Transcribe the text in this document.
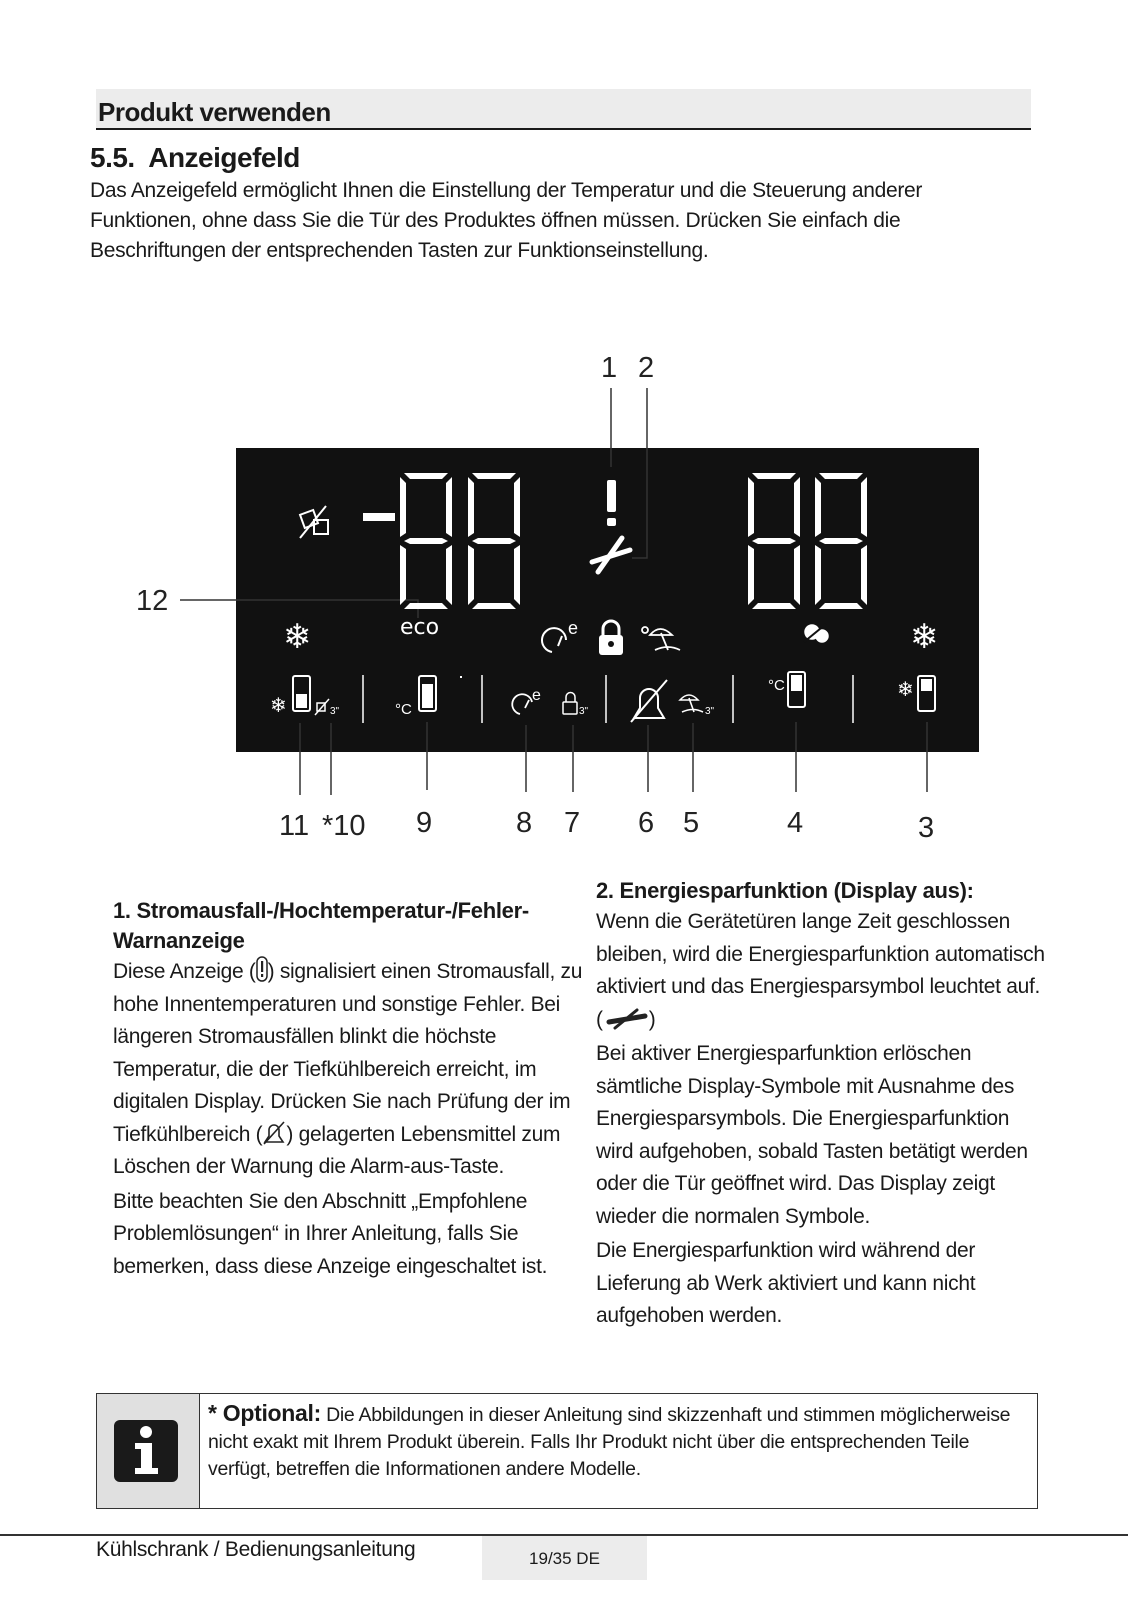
Produkt verwenden
5.5. Anzeigefeld

Das Anzeigefeld ermöglicht Ihnen die Einstellung der Temperatur und die Steuerung anderer Funktionen, ohne dass Sie die Tür des Produktes öffnen müssen. Drücken Sie einfach die Beschriftungen der entsprechenden Tasten zur Funktionseinstellung.

eco
❄	❄
e
❄	3"	°C
e
3"	3"
°C	❄
1 2
12
11 *10 9	8 7 6 5	4	3
1. Stromausfall-/Hochtemperatur-/Fehler-Warnanzeige

Diese Anzeige ( ) signalisiert einen Stromausfall, zu hohe Innentemperaturen und sonstige Fehler. Bei längeren Stromausfällen blinkt die höchste Temperatur, die der Tiefkühlbereich erreicht, im digitalen Display. Drücken Sie nach Prüfung der im Tiefkühlbereich ( ) gelagerten Lebensmittel zum Löschen der Warnung die Alarm-aus-Taste.

Bitte beachten Sie den Abschnitt „Empfohlene Problemlösungen“ in Ihrer Anleitung, falls Sie bemerken, dass diese Anzeige eingeschaltet ist.

2. Energiesparfunktion (Display aus):

Wenn die Gerätetüren lange Zeit geschlossen bleiben, wird die Energiesparfunktion automatisch aktiviert und das Energiesparsymbol leuchtet auf. ( )

Bei aktiver Energiesparfunktion erlöschen sämtliche Display-Symbole mit Ausnahme des Energiesparsymbols. Die Energiesparfunktion wird aufgehoben, sobald Tasten betätigt werden oder die Tür geöffnet wird. Das Display zeigt wieder die normalen Symbole.

Die Energiesparfunktion wird während der Lieferung ab Werk aktiviert und kann nicht aufgehoben werden.

* Optional: Die Abbildungen in dieser Anleitung sind skizzenhaft und stimmen möglicherweise nicht exakt mit Ihrem Produkt überein. Falls Ihr Produkt nicht über die entsprechenden Teile verfügt, betreffen die Informationen andere Modelle.
Kühlschrank / Bedienungsanleitung	19/35 DE
